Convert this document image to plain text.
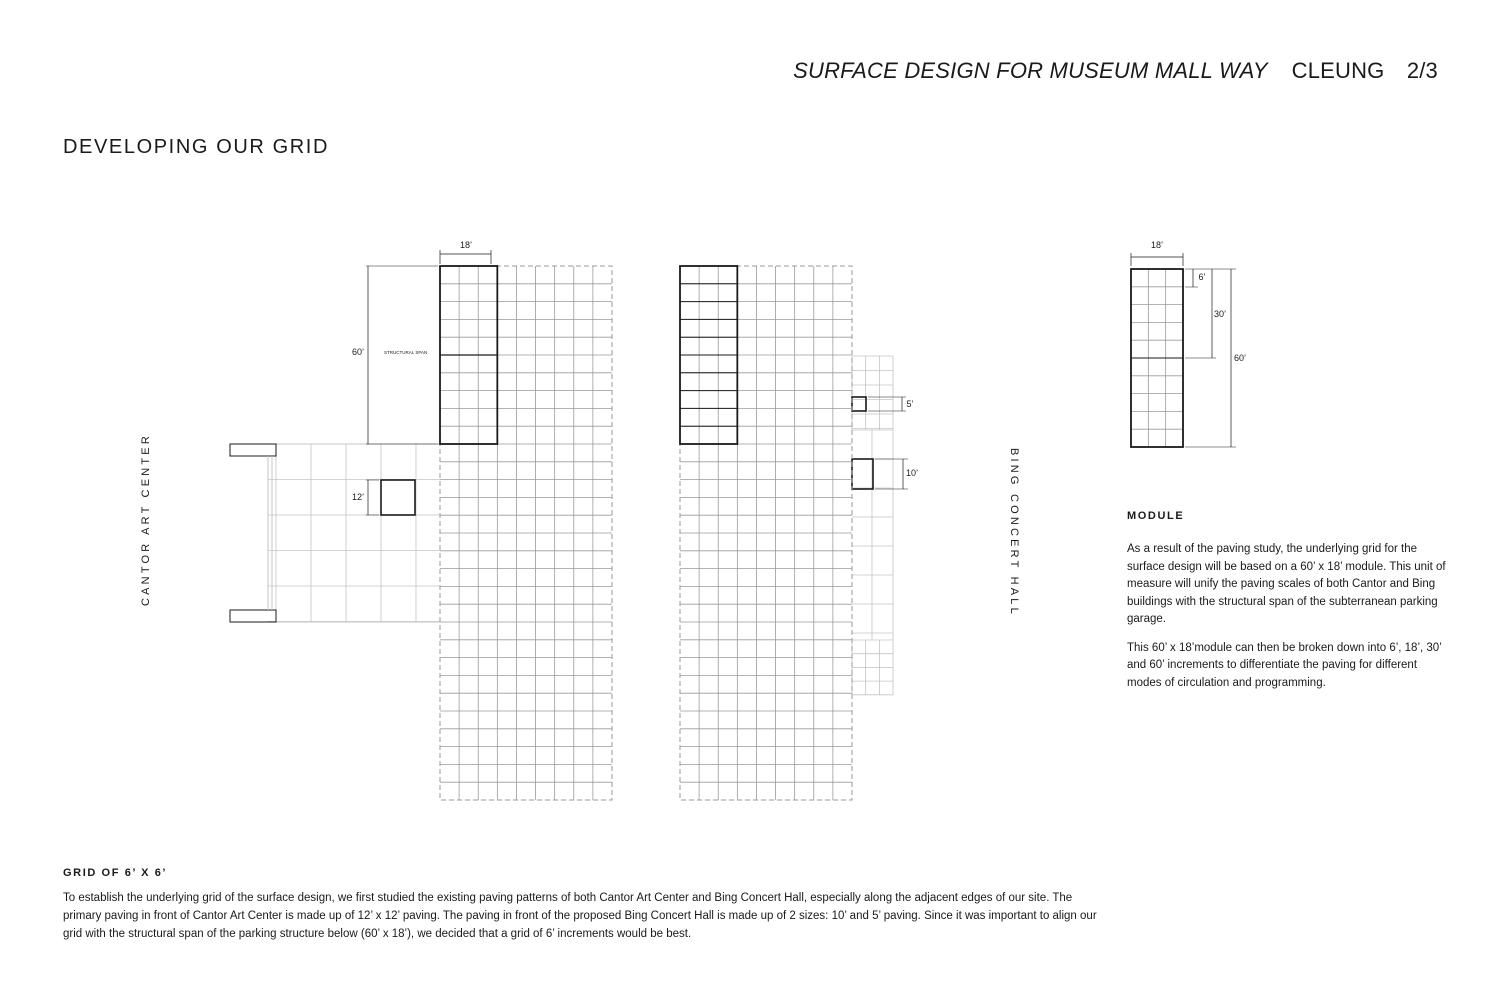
SURFACE DESIGN FOR MUSEUM MALL WAY CLEUNG 2/3
DEVELOPING OUR GRID
18’
60’	STRUCTURAL SPAN
12’
5’
10’
18’
6’
30’
60’
CANTOR ART CENTER	BING CONCERT HALL	MODULE

As a result of the paving study, the underlying grid for the surface design will be based on a 60’ x 18’ module. This unit of measure will unify the paving scales of both Cantor and Bing buildings with the structural span of the subterranean parking garage.

This 60’ x 18’module can then be broken down into 6’, 18’, 30’ and 60’ increments to differentiate the paving for different modes of circulation and programming.

GRID OF 6’ X 6’
To establish the underlying grid of the surface design, we first studied the existing paving patterns of both Cantor Art Center and Bing Concert Hall, especially along the adjacent edges of our site. The primary paving in front of Cantor Art Center is made up of 12’ x 12’ paving. The paving in front of the proposed Bing Concert Hall is made up of 2 sizes: 10’ and 5’ paving. Since it was important to align our grid with the structural span of the parking structure below (60’ x 18’), we decided that a grid of 6’ increments would be best.
